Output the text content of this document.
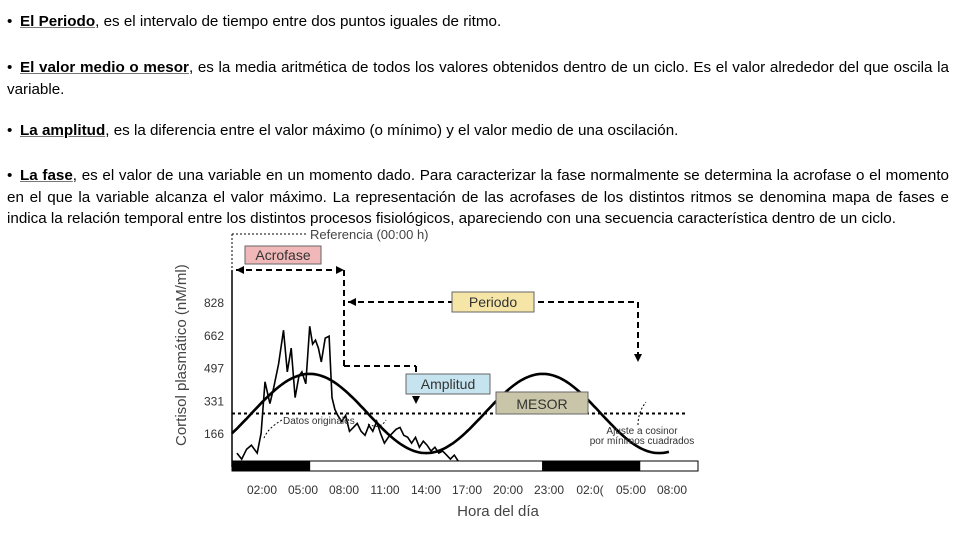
• El Periodo, es el intervalo de tiempo entre dos puntos iguales de ritmo.

• El valor medio o mesor, es la media aritmética de todos los valores obtenidos dentro de un ciclo. Es el valor alrededor del que oscila la variable.

• La amplitud, es la diferencia entre el valor máximo (o mínimo) y el valor medio de una oscilación.

• La fase, es el valor de una variable en un momento dado. Para caracterizar la fase normalmente se determina la acrofase o el momento en el que la variable alcanza el valor máximo. La representación de las acrofases de los distintos ritmos se denomina mapa de fases e indica la relación temporal entre los distintos procesos fisiológicos, apareciendo con una secuencia característica dentro de un ciclo.

Cortisol plasmático (nM/ml) 828
662
497
331
166
02:00 05:00 08:00 11:00 14:00 17:00 20:00 23:00 02:0( 05:00 08:00
Hora del día
Referencia (00:00 h)
Acrofase
Periodo
Amplitud
MESOR
Datos originales
Ajuste a cosinor
por mínimos cuadrados
